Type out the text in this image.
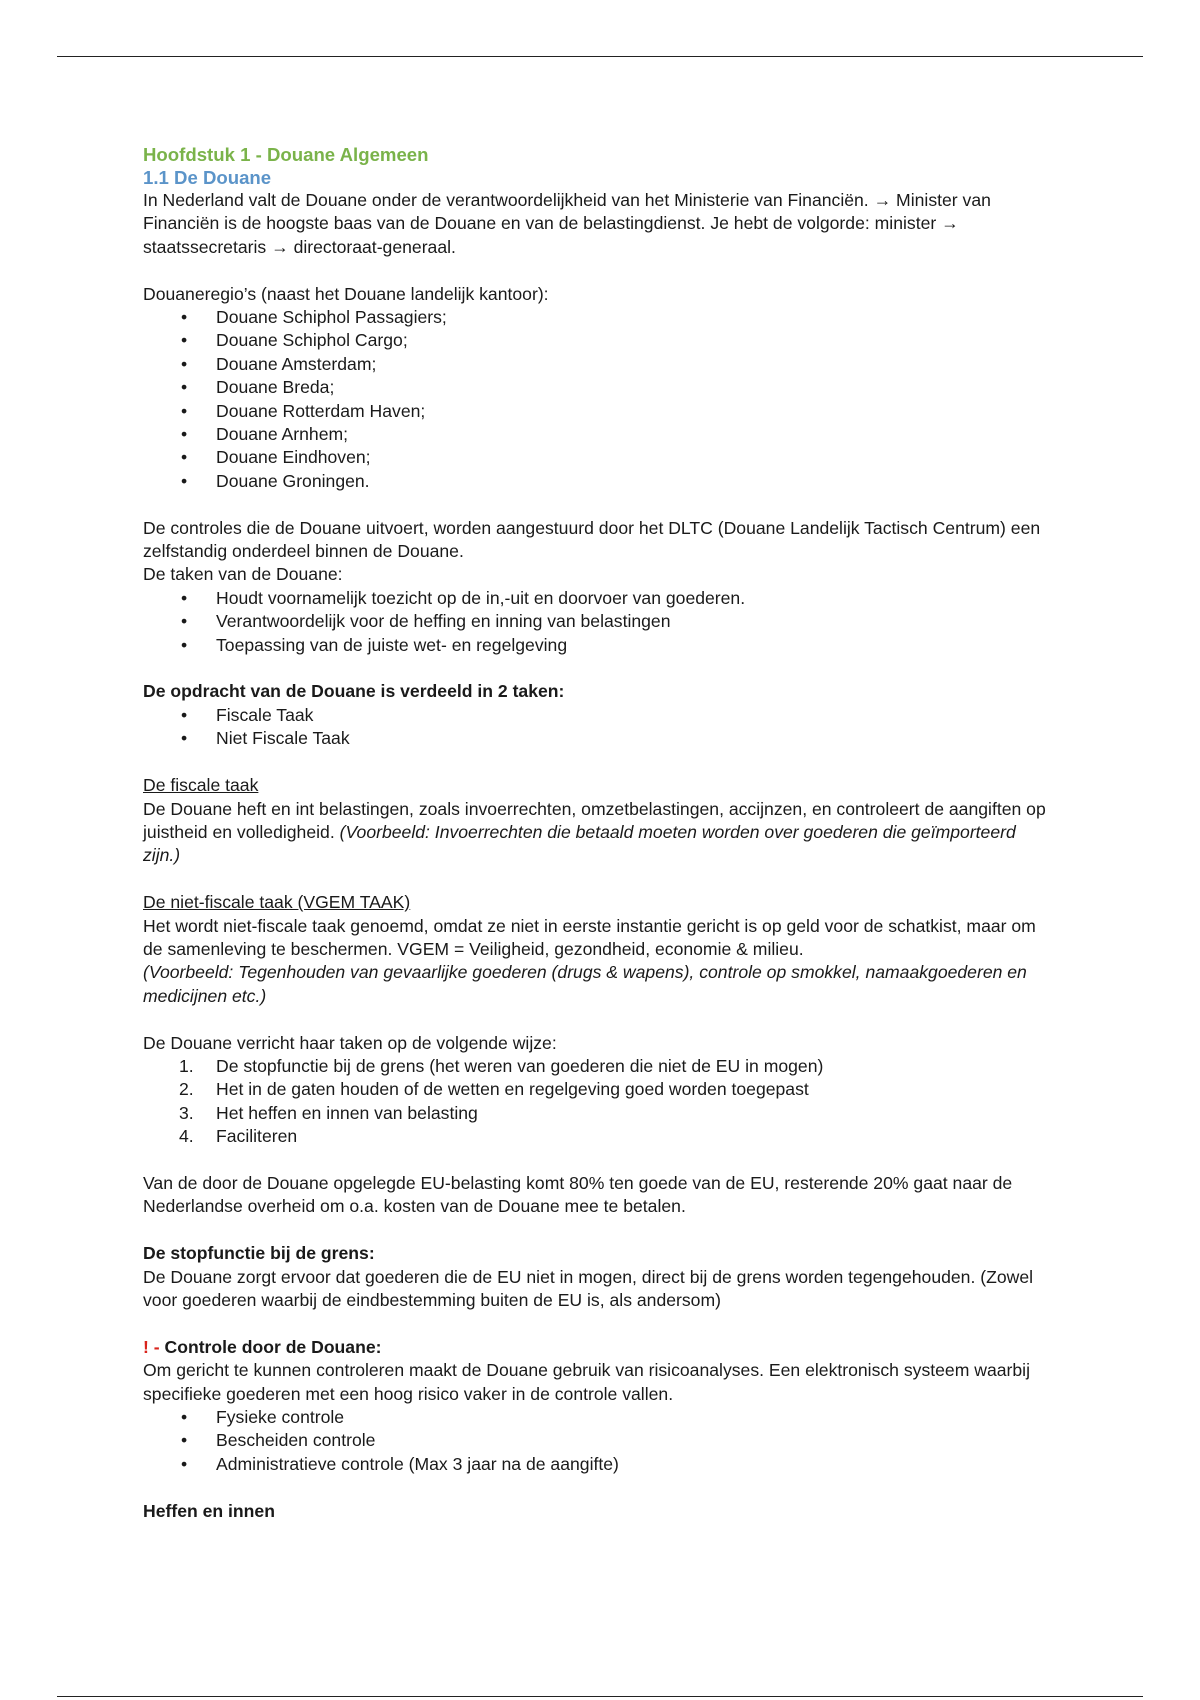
Hoofdstuk 1 - Douane Algemeen

1.1 De Douane

In Nederland valt de Douane onder de verantwoordelijkheid van het Ministerie van Financiën. → Minister van Financiën is de hoogste baas van de Douane en van de belastingdienst. Je hebt de volgorde: minister → staatssecretaris → directoraat-generaal.

Douaneregio’s (naast het Douane landelijk kantoor):

• Douane Schiphol Passagiers;
• Douane Schiphol Cargo;
• Douane Amsterdam;
• Douane Breda;
• Douane Rotterdam Haven;
• Douane Arnhem;
• Douane Eindhoven;
• Douane Groningen.

De controles die de Douane uitvoert, worden aangestuurd door het DLTC (Douane Landelijk Tactisch Centrum) een zelfstandig onderdeel binnen de Douane.

De taken van de Douane:

• Houdt voornamelijk toezicht op de in,-uit en doorvoer van goederen.
• Verantwoordelijk voor de heffing en inning van belastingen
• Toepassing van de juiste wet- en regelgeving

De opdracht van de Douane is verdeeld in 2 taken:

• Fiscale Taak
• Niet Fiscale Taak

De fiscale taak

De Douane heft en int belastingen, zoals invoerrechten, omzetbelastingen, accijnzen, en controleert de aangiften op juistheid en volledigheid. (Voorbeeld: Invoerrechten die betaald moeten worden over goederen die geïmporteerd zijn.)

De niet-fiscale taak (VGEM TAAK)

Het wordt niet-fiscale taak genoemd, omdat ze niet in eerste instantie gericht is op geld voor de schatkist, maar om de samenleving te beschermen. VGEM = Veiligheid, gezondheid, economie & milieu.

(Voorbeeld: Tegenhouden van gevaarlijke goederen (drugs & wapens), controle op smokkel, namaakgoederen en medicijnen etc.)

De Douane verricht haar taken op de volgende wijze:

1. De stopfunctie bij de grens (het weren van goederen die niet de EU in mogen)
2. Het in de gaten houden of de wetten en regelgeving goed worden toegepast
3. Het heffen en innen van belasting
4. Faciliteren

Van de door de Douane opgelegde EU-belasting komt 80% ten goede van de EU, resterende 20% gaat naar de Nederlandse overheid om o.a. kosten van de Douane mee te betalen.

De stopfunctie bij de grens:

De Douane zorgt ervoor dat goederen die de EU niet in mogen, direct bij de grens worden tegengehouden. (Zowel voor goederen waarbij de eindbestemming buiten de EU is, als andersom)

! - Controle door de Douane:

Om gericht te kunnen controleren maakt de Douane gebruik van risicoanalyses. Een elektronisch systeem waarbij specifieke goederen met een hoog risico vaker in de controle vallen.

• Fysieke controle
• Bescheiden controle
• Administratieve controle (Max 3 jaar na de aangifte)

Heffen en innen
